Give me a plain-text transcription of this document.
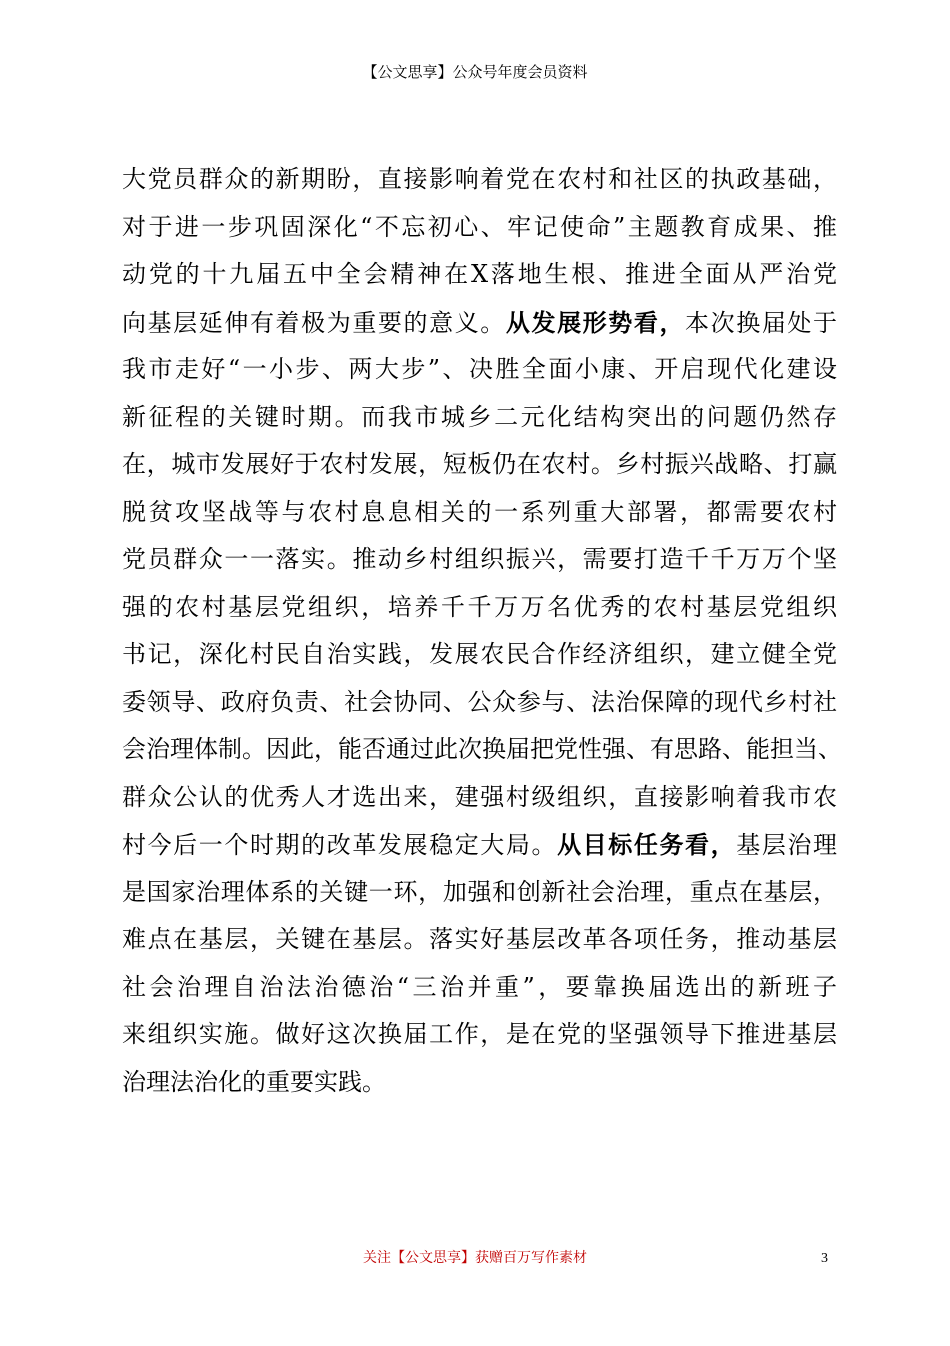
【公文思享】公众号年度会员资料
大党员群众的新期盼，直接影响着党在农村和社区的执政基础，
对于进一步巩固深化“不忘初心、牢记使命”主题教育成果、推
动党的十九届五中全会精神在X落地生根、推进全面从严治党
向基层延伸有着极为重要的意义。从发展形势看，本次换届处于
我市走好“一小步、两大步”、决胜全面小康、开启现代化建设
新征程的关键时期。而我市城乡二元化结构突出的问题仍然存
在，城市发展好于农村发展，短板仍在农村。乡村振兴战略、打赢
脱贫攻坚战等与农村息息相关的一系列重大部署，都需要农村
党员群众一一落实。推动乡村组织振兴，需要打造千千万万个坚
强的农村基层党组织，培养千千万万名优秀的农村基层党组织
书记，深化村民自治实践，发展农民合作经济组织，建立健全党
委领导、政府负责、社会协同、公众参与、法治保障的现代乡村社
会治理体制。因此，能否通过此次换届把党性强、有思路、能担当、
群众公认的优秀人才选出来，建强村级组织，直接影响着我市农
村今后一个时期的改革发展稳定大局。从目标任务看，基层治理
是国家治理体系的关键一环，加强和创新社会治理，重点在基层，
难点在基层，关键在基层。落实好基层改革各项任务，推动基层
社会治理自治法治德治“三治并重”，要靠换届选出的新班子
来组织实施。做好这次换届工作，是在党的坚强领导下推进基层
治理法治化的重要实践。
关注【公文思享】获赠百万写作素材	3
